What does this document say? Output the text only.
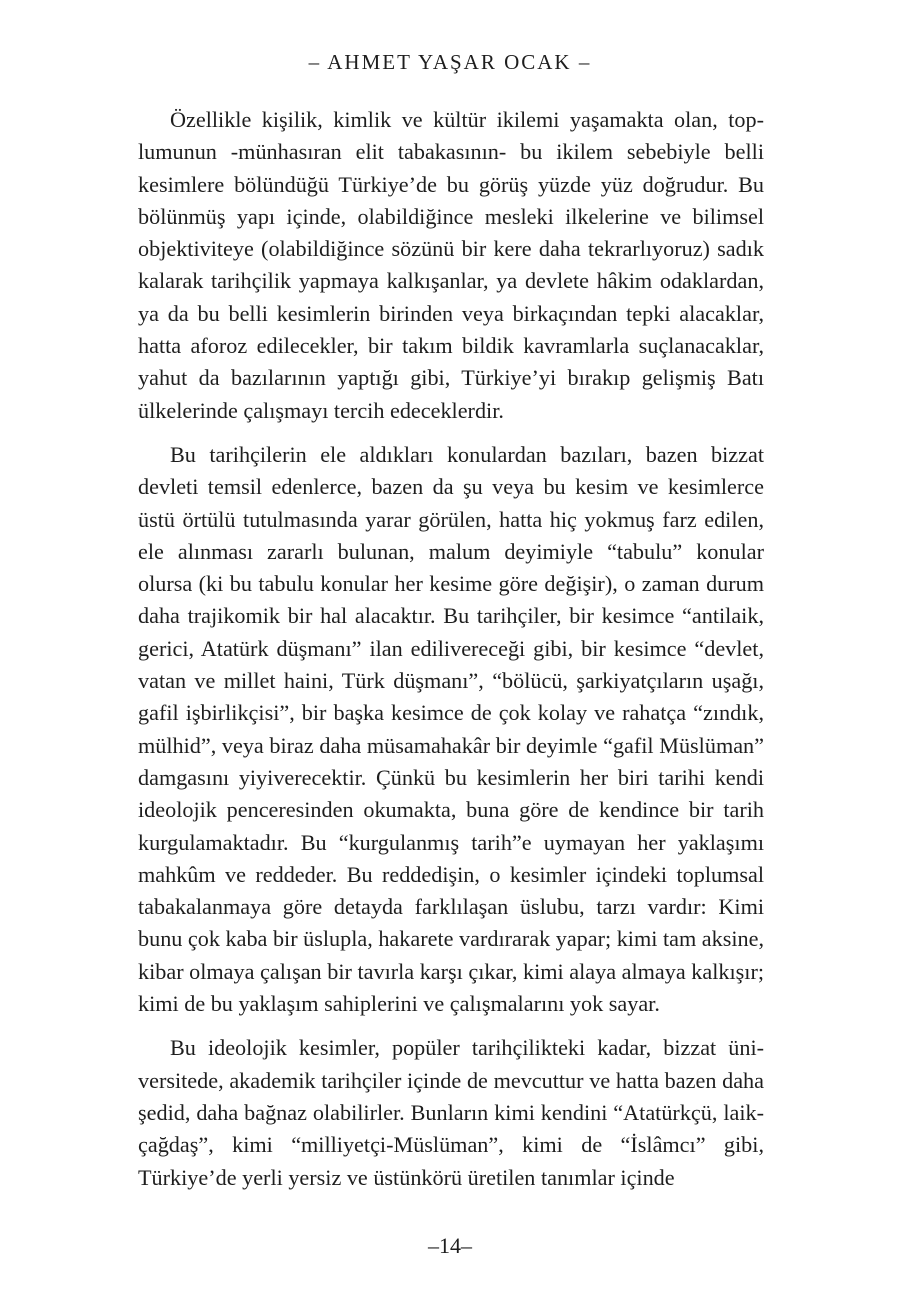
– AHMET YAŞAR OCAK –

Özellikle kişilik, kimlik ve kültür ikilemi yaşamakta olan, toplumunun -münhasıran elit tabakasının- bu ikilem sebebiyle belli kesimlere bölündüğü Türkiye’de bu görüş yüzde yüz doğrudur. Bu bölünmüş yapı içinde, olabildiğince mesleki ilkelerine ve bilimsel objektiviteye (olabildiğince sözünü bir kere daha tekrarlıyoruz) sadık kalarak tarihçilik yapmaya kalkışanlar, ya devlete hâkim odaklardan, ya da bu belli kesimlerin birinden veya birkaçından tepki alacaklar, hatta aforoz edilecekler, bir takım bildik kavramlarla suçlanacaklar, yahut da bazılarının yaptığı gibi, Türkiye’yi bırakıp gelişmiş Batı ülkelerinde çalışmayı tercih edeceklerdir.

Bu tarihçilerin ele aldıkları konulardan bazıları, bazen bizzat devleti temsil edenlerce, bazen da şu veya bu kesim ve kesimlerce üstü örtülü tutulmasında yarar görülen, hatta hiç yokmuş farz edilen, ele alınması zararlı bulunan, malum deyimiyle “tabulu” konular olursa (ki bu tabulu konular her kesime göre değişir), o zaman durum daha trajikomik bir hal alacaktır. Bu tarihçiler, bir kesimce “antilaik, gerici, Atatürk düşmanı” ilan edilivereceği gibi, bir kesimce “devlet, vatan ve millet haini, Türk düşmanı”, “bölücü, şarkiyatçıların uşağı, gafil işbirlikçisi”, bir başka kesimce de çok kolay ve rahatça “zındık, mülhid”, veya biraz daha müsamahakâr bir deyimle “gafil Müslüman” damgasını yiyiverecektir. Çünkü bu kesimlerin her biri tarihi kendi ideolojik penceresinden okumakta, buna göre de kendince bir tarih kurgulamaktadır. Bu “kurgulanmış tarih”e uymayan her yaklaşımı mahkûm ve reddeder. Bu reddedişin, o kesimler içindeki toplumsal tabakalanmaya göre detayda farklılaşan üslubu, tarzı vardır: Kimi bunu çok kaba bir üslupla, hakarete vardırarak yapar; kimi tam aksine, kibar olmaya çalışan bir tavırla karşı çıkar, kimi alaya almaya kalkışır; kimi de bu yaklaşım sahiplerini ve çalışmalarını yok sayar.

Bu ideolojik kesimler, popüler tarihçilikteki kadar, bizzat üniversitede, akademik tarihçiler içinde de mevcuttur ve hatta bazen daha şedid, daha bağnaz olabilirler. Bunların kimi kendini “Atatürkçü, laik-çağdaş”, kimi “milliyetçi-Müslüman”, kimi de “İslâmcı” gibi, Türkiye’de yerli yersiz ve üstünkörü üretilen tanımlar içinde

–14–
